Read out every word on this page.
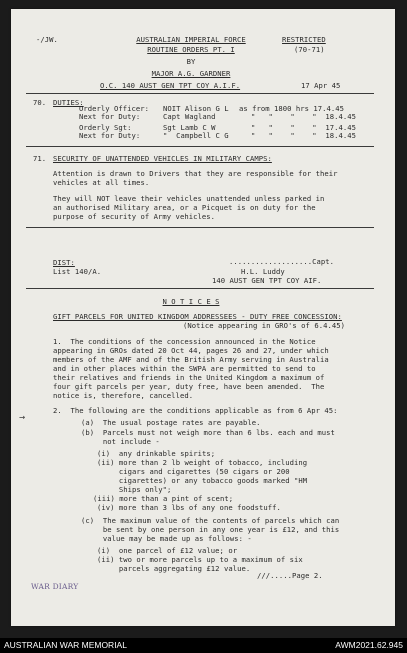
-/JW.	AUSTRALIAN IMPERIAL FORCE
ROUTINE ORDERS PT. I
BY
MAJOR A.G. GARDNER
O.C. 140 AUST GEN TPT COY A.I.F.
RESTRICTED
(70-71)
17 Apr 45
70. DUTIES:
Orderly Officer: NOIT Alison G L as from 1800 hrs 17.4.45
Next for Duty:	Capt Wagland	"   "    "    "  18.4.45
Orderly Sgt:	Sgt Lamb C W	"   "    "    "  17.4.45
Next for Duty:	"  Campbell C G	"   "    "    "  18.4.45
71. SECURITY OF UNATTENDED VEHICLES IN MILITARY CAMPS:
Attention is drawn to Drivers that they are responsible for their
vehicles at all times.
They will NOT leave their vehicles unattended unless parked in
an authorised Military area, or a Picquet is on duty for the
purpose of security of Army vehicles.
DIST:
List 140/A.
...................Capt.
H.L. Luddy
140 AUST GEN TPT COY AIF.
N O T I C E S
GIFT PARCELS FOR UNITED KINGDOM ADDRESSEES - DUTY FREE CONCESSION:
(Notice appearing in GRO's of 6.4.45)
1.  The conditions of the concession announced in the Notice
appearing in GROs dated 20 Oct 44, pages 26 and 27, under which
members of the AMF and of the British Army serving in Australia
and in other places within the SWPA are permitted to send to
their relatives and friends in the United Kingdom a maximum of
four gift parcels per year, duty free, have been amended.  The
notice is, therefore, cancelled.
→
2.  The following are the conditions applicable as from 6 Apr 45:
(a)  The usual postage rates are payable.
(b)  Parcels must not weigh more than 6 lbs. each and must
not include -
(i)  any drinkable spirits;
(ii) more than 2 lb weight of tobacco, including
cigars and cigarettes (50 cigars or 200
cigarettes) or any tobacco goods marked "HM
Ships only";
(iii) more than a pint of scent;
(iv) more than 3 lbs of any one foodstuff.
(c)  The maximum value of the contents of parcels which can
be sent by one person in any one year is £12, and this
value may be made up as follows: -
(i)  one parcel of £12 value; or
(ii) two or more parcels up to a maximum of six
parcels aggregating £12 value.
WAR DIARY
///.....Page 2.
AUSTRALIAN WAR MEMORIAL	AWM2021.62.945
